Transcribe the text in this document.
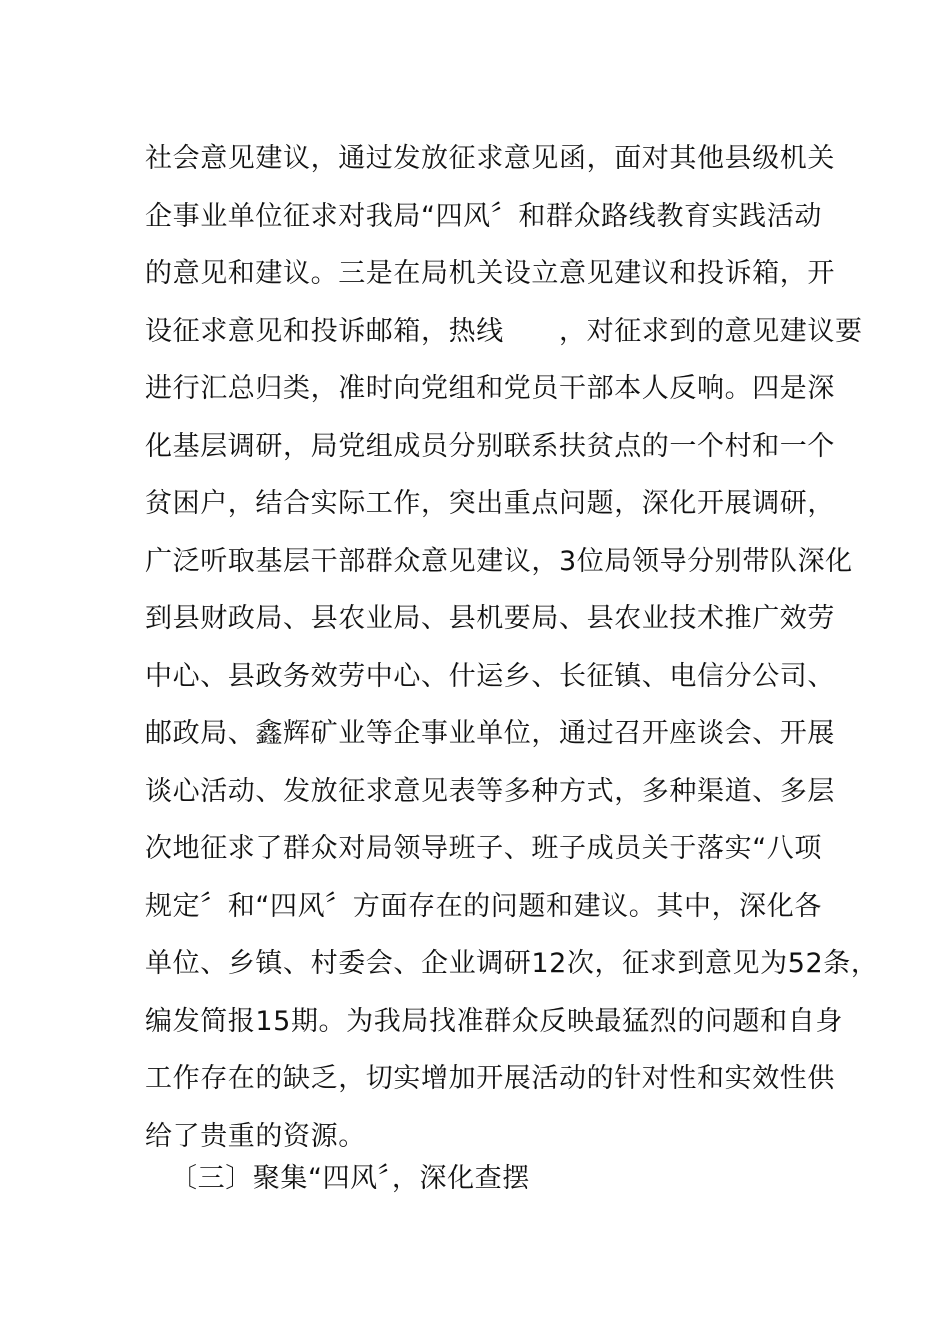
社会意见建议，通过发放征求意见函，面对其他县级机关
企事业单位征求对我局“四风〞和群众路线教育实践活动
的意见和建议。三是在局机关设立意见建议和投诉箱，开
设征求意见和投诉邮箱，热线　　，对征求到的意见建议要
进行汇总归类，准时向党组和党员干部本人反响。四是深
化基层调研，局党组成员分别联系扶贫点的一个村和一个
贫困户，结合实际工作，突出重点问题，深化开展调研，
广泛听取基层干部群众意见建议，3位局领导分别带队深化
到县财政局、县农业局、县机要局、县农业技术推广效劳
中心、县政务效劳中心、什运乡、长征镇、电信分公司、
邮政局、鑫辉矿业等企事业单位，通过召开座谈会、开展
谈心活动、发放征求意见表等多种方式，多种渠道、多层
次地征求了群众对局领导班子、班子成员关于落实“八项
规定〞和“四风〞方面存在的问题和建议。其中，深化各
单位、乡镇、村委会、企业调研12次，征求到意见为52条，
编发简报15期。为我局找准群众反映最猛烈的问题和自身
工作存在的缺乏，切实增加开展活动的针对性和实效性供
给了贵重的资源。
〔三〕聚集“四风〞，深化查摆
